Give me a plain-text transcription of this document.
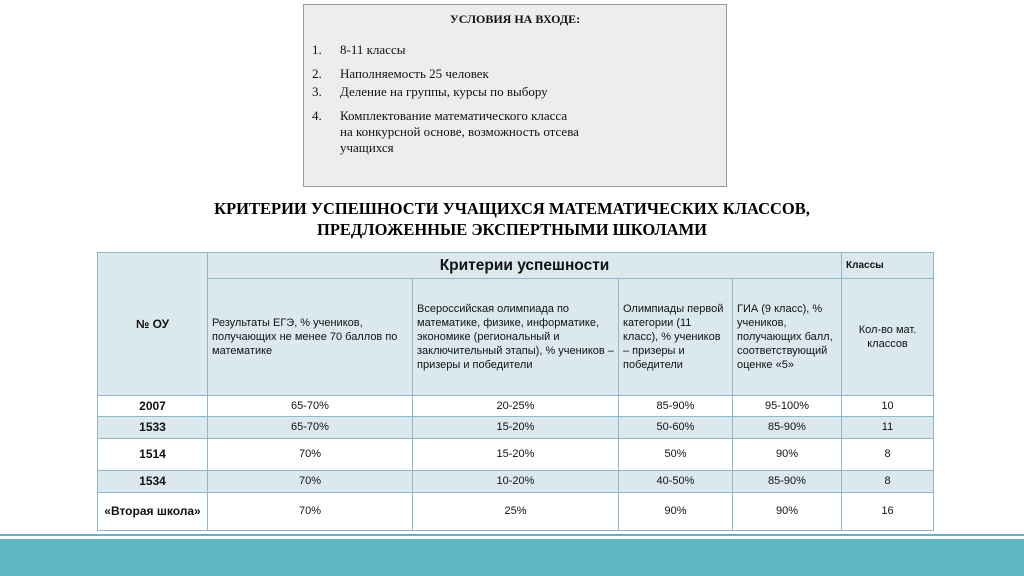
УСЛОВИЯ НА ВХОДЕ:
1. 8-11 классы
2. Наполняемость 25 человек
3. Деление на группы, курсы по выбору
4. Комплектование математического класса
на конкурсной основе, возможность отсева
учащихся
КРИТЕРИИ УСПЕШНОСТИ УЧАЩИХСЯ МАТЕМАТИЧЕСКИХ КЛАССОВ,
ПРЕДЛОЖЕННЫЕ ЭКСПЕРТНЫМИ ШКОЛАМИ
№ ОУ	Критерии успешности				Классы
	Результаты ЕГЭ, % учеников, получающих не менее 70 баллов по математике	Всероссийская олимпиада по математике, физике, информатике, экономике (региональный и заключительный этапы), % учеников – призеры и победители	Олимпиады первой категории (11 класс), % учеников – призеры и победители	ГИА (9 класс), % учеников, получающих балл, соответствующий оценке «5»	Кол-во мат. классов
2007	65-70%	20-25%	85-90%	95-100%	10
1533	65-70%	15-20%	50-60%	85-90%	11
1514	70%	15-20%	50%	90%	8
1534	70%	10-20%	40-50%	85-90%	8
«Вторая школа»	70%	25%	90%	90%	16
